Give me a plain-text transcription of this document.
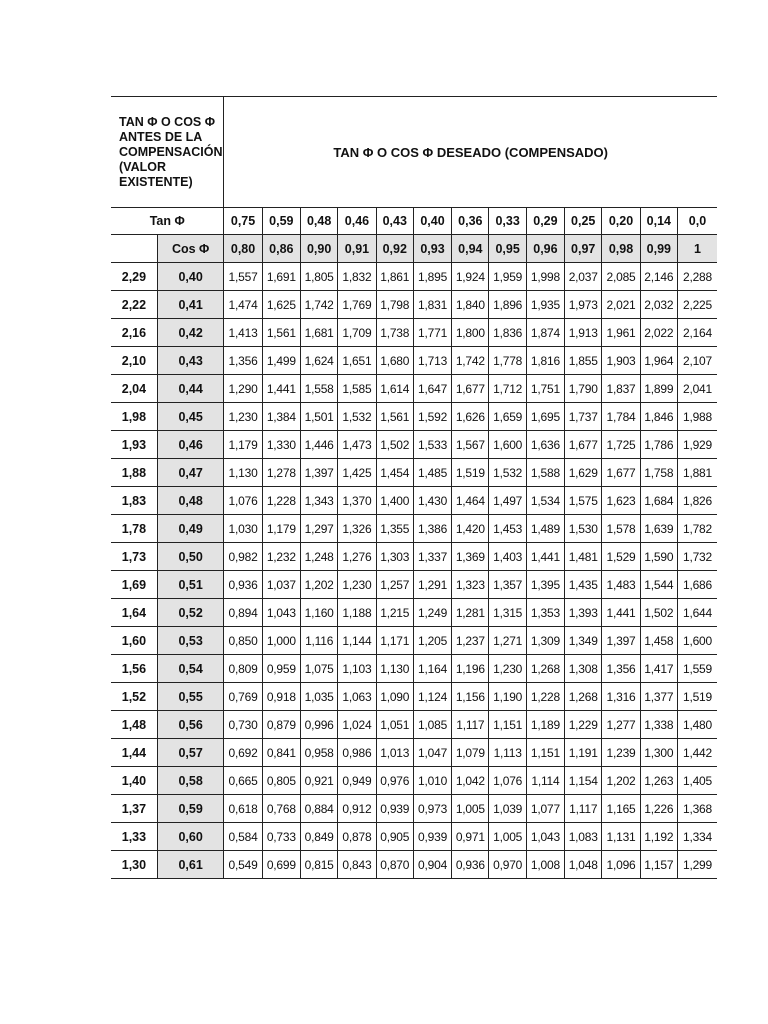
TAN Φ O COS Φ
ANTES DE LA
COMPENSACIÓN
(VALOR
EXISTENTE)		TAN Φ O COS Φ DESEADO (COMPENSADO)												
Tan Φ		0,75	0,59	0,48	0,46	0,43	0,40	0,36	0,33	0,29	0,25	0,20	0,14	0,0
	Cos Φ	0,80	0,86	0,90	0,91	0,92	0,93	0,94	0,95	0,96	0,97	0,98	0,99	1
2,29	0,40	1,557	1,691	1,805	1,832	1,861	1,895	1,924	1,959	1,998	2,037	2,085	2,146	2,288
2,22	0,41	1,474	1,625	1,742	1,769	1,798	1,831	1,840	1,896	1,935	1,973	2,021	2,032	2,225
2,16	0,42	1,413	1,561	1,681	1,709	1,738	1,771	1,800	1,836	1,874	1,913	1,961	2,022	2,164
2,10	0,43	1,356	1,499	1,624	1,651	1,680	1,713	1,742	1,778	1,816	1,855	1,903	1,964	2,107
2,04	0,44	1,290	1,441	1,558	1,585	1,614	1,647	1,677	1,712	1,751	1,790	1,837	1,899	2,041
1,98	0,45	1,230	1,384	1,501	1,532	1,561	1,592	1,626	1,659	1,695	1,737	1,784	1,846	1,988
1,93	0,46	1,179	1,330	1,446	1,473	1,502	1,533	1,567	1,600	1,636	1,677	1,725	1,786	1,929
1,88	0,47	1,130	1,278	1,397	1,425	1,454	1,485	1,519	1,532	1,588	1,629	1,677	1,758	1,881
1,83	0,48	1,076	1,228	1,343	1,370	1,400	1,430	1,464	1,497	1,534	1,575	1,623	1,684	1,826
1,78	0,49	1,030	1,179	1,297	1,326	1,355	1,386	1,420	1,453	1,489	1,530	1,578	1,639	1,782
1,73	0,50	0,982	1,232	1,248	1,276	1,303	1,337	1,369	1,403	1,441	1,481	1,529	1,590	1,732
1,69	0,51	0,936	1,037	1,202	1,230	1,257	1,291	1,323	1,357	1,395	1,435	1,483	1,544	1,686
1,64	0,52	0,894	1,043	1,160	1,188	1,215	1,249	1,281	1,315	1,353	1,393	1,441	1,502	1,644
1,60	0,53	0,850	1,000	1,116	1,144	1,171	1,205	1,237	1,271	1,309	1,349	1,397	1,458	1,600
1,56	0,54	0,809	0,959	1,075	1,103	1,130	1,164	1,196	1,230	1,268	1,308	1,356	1,417	1,559
1,52	0,55	0,769	0,918	1,035	1,063	1,090	1,124	1,156	1,190	1,228	1,268	1,316	1,377	1,519
1,48	0,56	0,730	0,879	0,996	1,024	1,051	1,085	1,117	1,151	1,189	1,229	1,277	1,338	1,480
1,44	0,57	0,692	0,841	0,958	0,986	1,013	1,047	1,079	1,113	1,151	1,191	1,239	1,300	1,442
1,40	0,58	0,665	0,805	0,921	0,949	0,976	1,010	1,042	1,076	1,114	1,154	1,202	1,263	1,405
1,37	0,59	0,618	0,768	0,884	0,912	0,939	0,973	1,005	1,039	1,077	1,117	1,165	1,226	1,368
1,33	0,60	0,584	0,733	0,849	0,878	0,905	0,939	0,971	1,005	1,043	1,083	1,131	1,192	1,334
1,30	0,61	0,549	0,699	0,815	0,843	0,870	0,904	0,936	0,970	1,008	1,048	1,096	1,157	1,299
